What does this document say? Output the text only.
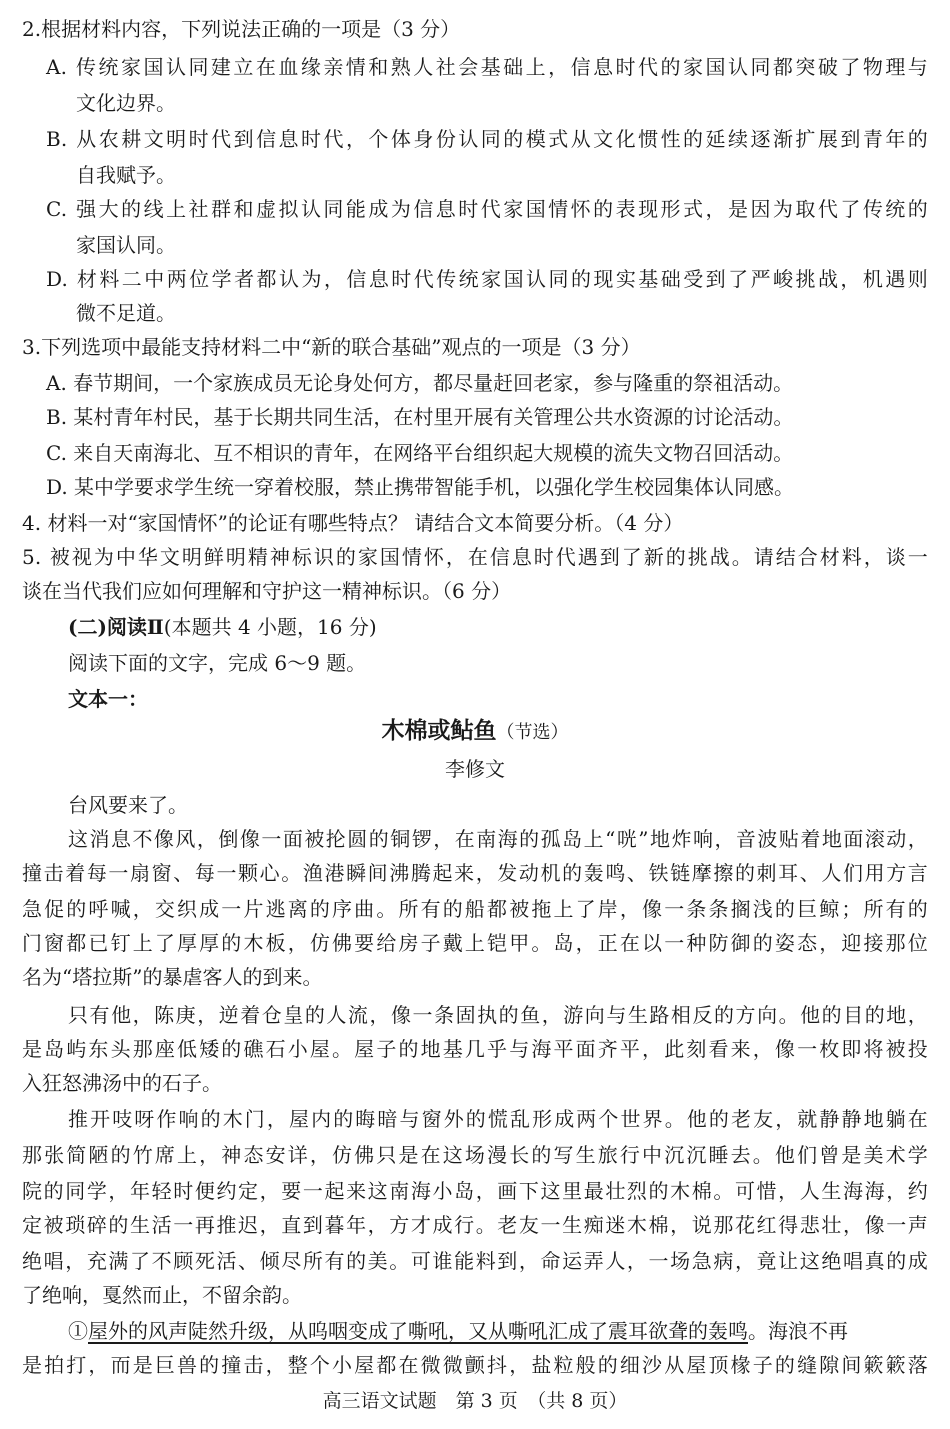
2.根据材料内容，下列说法正确的一项是（3 分）
A. 传统家国认同建立在血缘亲情和熟人社会基础上，信息时代的家国认同都突破了物理与
文化边界。
B. 从农耕文明时代到信息时代，个体身份认同的模式从文化惯性的延续逐渐扩展到青年的
自我赋予。
C. 强大的线上社群和虚拟认同能成为信息时代家国情怀的表现形式，是因为取代了传统的
家国认同。
D. 材料二中两位学者都认为，信息时代传统家国认同的现实基础受到了严峻挑战，机遇则
微不足道。
3.下列选项中最能支持材料二中“新的联合基础”观点的一项是（3 分）
A. 春节期间，一个家族成员无论身处何方，都尽量赶回老家，参与隆重的祭祖活动。
B. 某村青年村民，基于长期共同生活，在村里开展有关管理公共水资源的讨论活动。
C. 来自天南海北、互不相识的青年，在网络平台组织起大规模的流失文物召回活动。
D. 某中学要求学生统一穿着校服，禁止携带智能手机，以强化学生校园集体认同感。
4. 材料一对“家国情怀”的论证有哪些特点？ 请结合文本简要分析。（4 分）
5. 被视为中华文明鲜明精神标识的家国情怀，在信息时代遇到了新的挑战。请结合材料，谈一
谈在当代我们应如何理解和守护这一精神标识。（6 分）
(二)阅读Ⅱ(本题共 4 小题，16 分)
阅读下面的文字，完成 6～9 题。
文本一：
木棉或鲇鱼（节选）
李修文
台风要来了。
这消息不像风，倒像一面被抡圆的铜锣，在南海的孤岛上“咣”地炸响，音波贴着地面滚动，
撞击着每一扇窗、每一颗心。渔港瞬间沸腾起来，发动机的轰鸣、铁链摩擦的刺耳、人们用方言
急促的呼喊，交织成一片逃离的序曲。所有的船都被拖上了岸，像一条条搁浅的巨鲸；所有的
门窗都已钉上了厚厚的木板，仿佛要给房子戴上铠甲。岛，正在以一种防御的姿态，迎接那位
名为“塔拉斯”的暴虐客人的到来。
只有他，陈庚，逆着仓皇的人流，像一条固执的鱼，游向与生路相反的方向。他的目的地，
是岛屿东头那座低矮的礁石小屋。屋子的地基几乎与海平面齐平，此刻看来，像一枚即将被投
入狂怒沸汤中的石子。
推开吱呀作响的木门，屋内的晦暗与窗外的慌乱形成两个世界。他的老友，就静静地躺在
那张简陋的竹席上，神态安详，仿佛只是在这场漫长的写生旅行中沉沉睡去。他们曾是美术学
院的同学，年轻时便约定，要一起来这南海小岛，画下这里最壮烈的木棉。可惜，人生海海，约
定被琐碎的生活一再推迟，直到暮年，方才成行。老友一生痴迷木棉，说那花红得悲壮，像一声
绝唱，充满了不顾死活、倾尽所有的美。可谁能料到，命运弄人，一场急病，竟让这绝唱真的成
了绝响，戛然而止，不留余韵。
①屋外的风声陡然升级，从呜咽变成了嘶吼，又从嘶吼汇成了震耳欲聋的轰鸣。海浪不再
是拍打，而是巨兽的撞击，整个小屋都在微微颤抖，盐粒般的细沙从屋顶椽子的缝隙间簌簌落
高三语文试题　第 3 页　（共 8 页）
